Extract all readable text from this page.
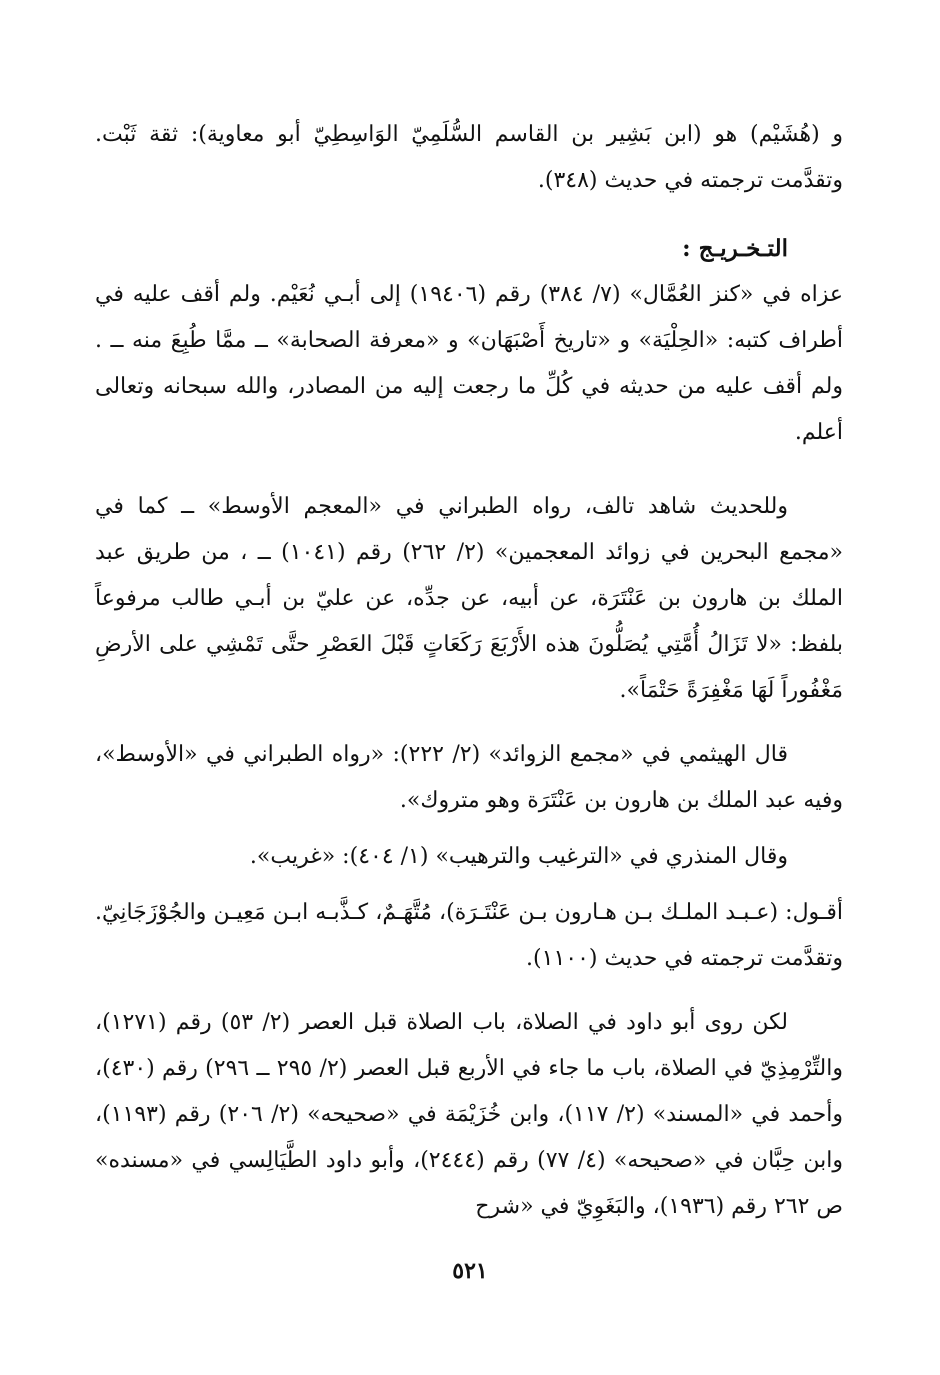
و (هُشَيْم) هو (ابن بَشِير بن القاسم السُّلَمِيّ الوَاسِطِيّ أبو معاوية): ثقة ثَبْت. وتقدَّمت ترجمته في حديث (٣٤٨).

التـخـريـج :

عزاه في «كنز العُمَّال» (٧/ ٣٨٤) رقم (١٩٤٠٦) إلى أبـي نُعَيْم. ولم أقف عليه في أطراف كتبه: «الحِلْيَة» و «تاريخ أَصْبَهَان» و «معرفة الصحابة» ــ ممَّا طُبِعَ منه ــ . ولم أقف عليه من حديثه في كُلِّ ما رجعت إليه من المصادر، والله سبحانه وتعالى أعلم.

وللحديث شاهد تالف، رواه الطبراني في «المعجم الأوسط» ــ كما في «مجمع البحرين في زوائد المعجمين» (٢/ ٢٦٢) رقم (١٠٤١) ــ ، من طريق عبد الملك بن هارون بن عَنْتَرَة، عن أبيه، عن جدِّه، عن عليّ بن أبـي طالب مرفوعاً بلفظ: «لا تَزَالُ أُمَّتِي يُصَلُّونَ هذه الأَرْبَعَ رَكَعَاتٍ قَبْلَ العَصْرِ حتَّى تَمْشِي على الأرضِ مَغْفُوراً لَهَا مَغْفِرَةً حَتْمَاً».

قال الهيثمي في «مجمع الزوائد» (٢/ ٢٢٢): «رواه الطبراني في «الأوسط»، وفيه عبد الملك بن هارون بن عَنْتَرَة وهو متروك».

وقال المنذري في «الترغيب والترهيب» (١/ ٤٠٤): «غريب».

أقـول: (عـبـد الملـك بـن هـارون بـن عَنْتَـرَة)، مُتَّهَـمٌ، كـذَّبـه ابـن مَعِيـن والجُوْزَجَانِيّ. وتقدَّمت ترجمته في حديث (١١٠٠).

لكن روى أبو داود في الصلاة، باب الصلاة قبل العصر (٢/ ٥٣) رقم (١٢٧١)، والتِّرْمِذِيّ في الصلاة، باب ما جاء في الأربع قبل العصر (٢/ ٢٩٥ ــ ٢٩٦) رقم (٤٣٠)، وأحمد في «المسند» (٢/ ١١٧)، وابن خُزَيْمَة في «صحيحه» (٢/ ٢٠٦) رقم (١١٩٣)، وابن حِبَّان في «صحيحه» (٤/ ٧٧) رقم (٢٤٤٤)، وأبو داود الطَّيَالِسي في «مسنده» ص ٢٦٢ رقم (١٩٣٦)، والبَغَوِيّ في «شرح

٥٢١
